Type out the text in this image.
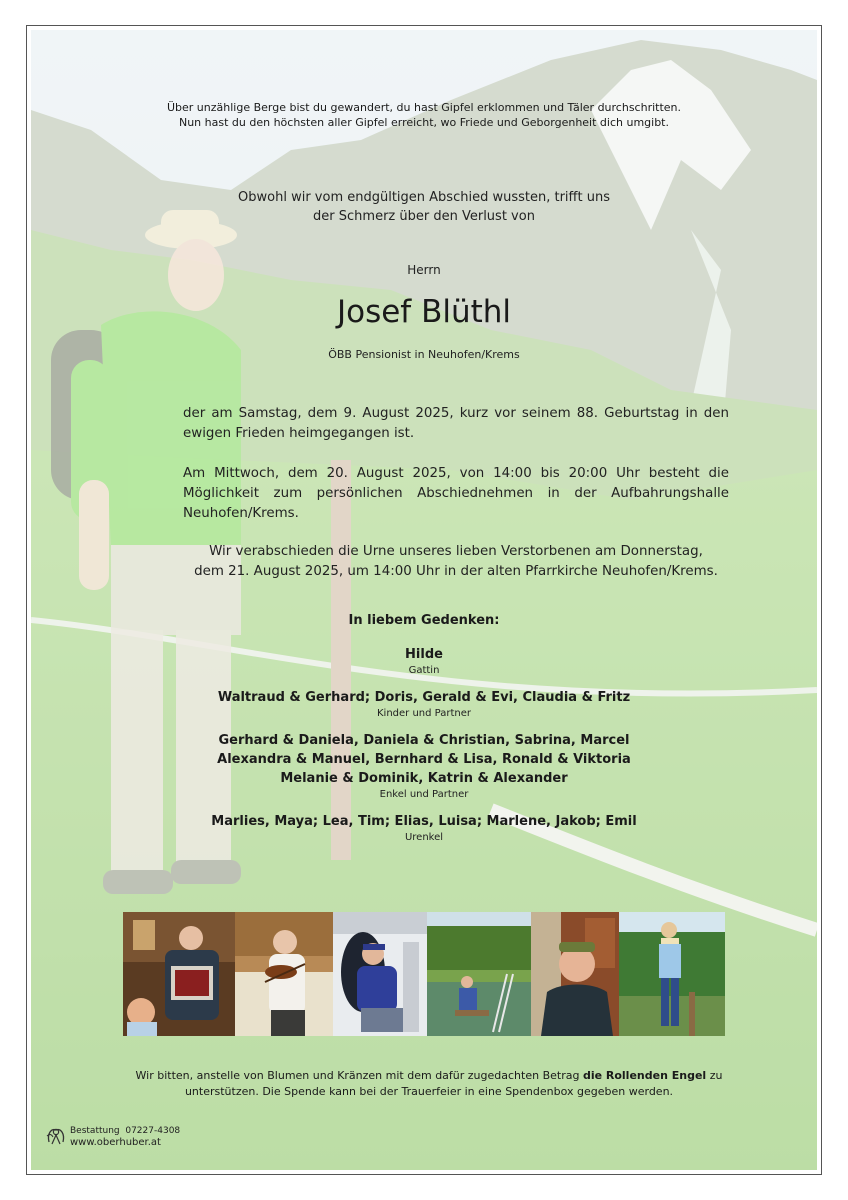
Über unzählige Berge bist du gewandert, du hast Gipfel erklommen und Täler durchschritten.
Nun hast du den höchsten aller Gipfel erreicht, wo Friede und Geborgenheit dich umgibt.
Obwohl wir vom endgültigen Abschied wussten, trifft uns
der Schmerz über den Verlust von
Herrn
Josef Blüthl
ÖBB Pensionist in Neuhofen/Krems
der am Samstag, dem 9. August 2025, kurz vor seinem 88. Geburtstag in den ewigen Frieden heimgegangen ist.
Am Mittwoch, dem 20. August 2025, von 14:00 bis 20:00 Uhr besteht die Möglichkeit zum persönlichen Abschiednehmen in der Aufbahrungshalle Neuhofen/Krems.
Wir verabschieden die Urne unseres lieben Verstorbenen am Donnerstag,
dem 21. August 2025, um 14:00 Uhr in der alten Pfarrkirche Neuhofen/Krems.
In liebem Gedenken:
Hilde
Gattin
Waltraud & Gerhard; Doris, Gerald & Evi, Claudia & Fritz
Kinder und Partner
Gerhard & Daniela, Daniela & Christian, Sabrina, Marcel
Alexandra & Manuel, Bernhard & Lisa, Ronald & Viktoria
Melanie & Dominik, Katrin & Alexander
Enkel und Partner
Marlies, Maya; Lea, Tim; Elias, Luisa; Marlene, Jakob; Emil
Urenkel
Wir bitten, anstelle von Blumen und Kränzen mit dem dafür zugedachten Betrag die Rollenden Engel zu unterstützen. Die Spende kann bei der Trauerfeier in eine Spendenbox gegeben werden.
Bestattung 07227-4308
www.oberhuber.at
